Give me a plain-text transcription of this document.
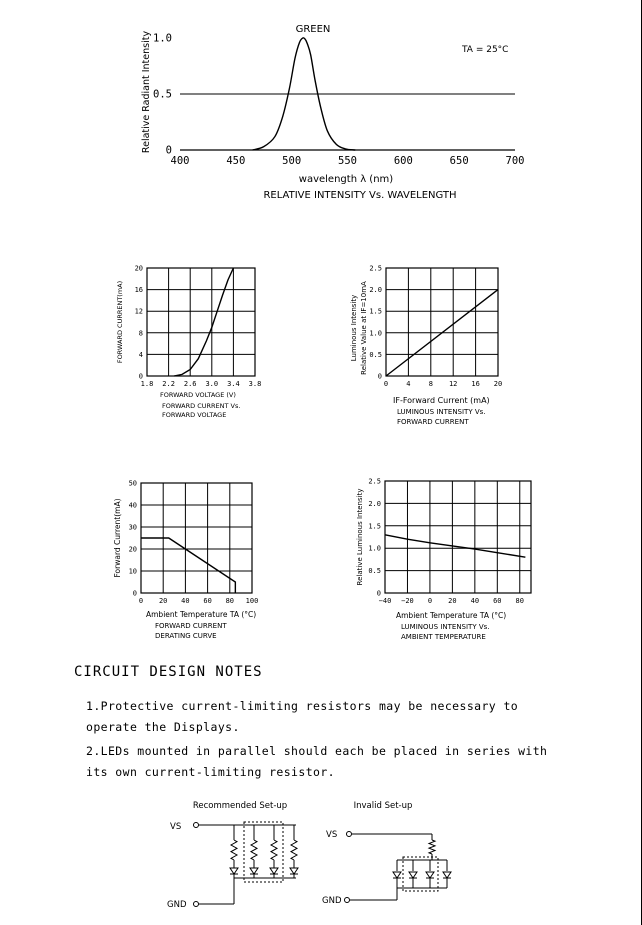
0
0.5
1.0
400	450	500	550	600	650	700
GREEN
TA = 25°C
Relative Radiant Intensity
wavelength λ (nm)
RELATIVE INTENSITY Vs. WAVELENGTH
0
4
8
12
16
20
1.8 2.2 2.6 3.0 3.4 3.8
FORWARD CURRENT(mA)
FORWARD VOLTAGE (V)
FORWARD CURRENT Vs.
FORWARD VOLTAGE
0
0.5
1.0
1.5
2.0
2.5
0	4	8 12 16 20
Luminous Intensity Relative Value at IF=10mA
IF-Forward Current (mA)
LUMINOUS INTENSITY Vs.
FORWARD CURRENT
0
10
20
30
40
50
0 20 40 60 80 100
Forward Current(mA)
Ambient Temperature TA (°C)
FORWARD CURRENT
DERATING CURVE
0
0.5
1.0
1.5
2.0
2.5
−40 −20 0 20 40 60 80
Relative Luminous Intensity
Ambient Temperature TA (°C)
LUMINOUS INTENSITY Vs.
AMBIENT TEMPERATURE
Recommended Set-up
VS
GND
Invalid Set-up
VS
GND
CIRCUIT DESIGN NOTES
1.Protective current-limiting resistors may be necessary to operate the Displays.
2.LEDs mounted in parallel should each be placed in series with its own current-limiting resistor.
